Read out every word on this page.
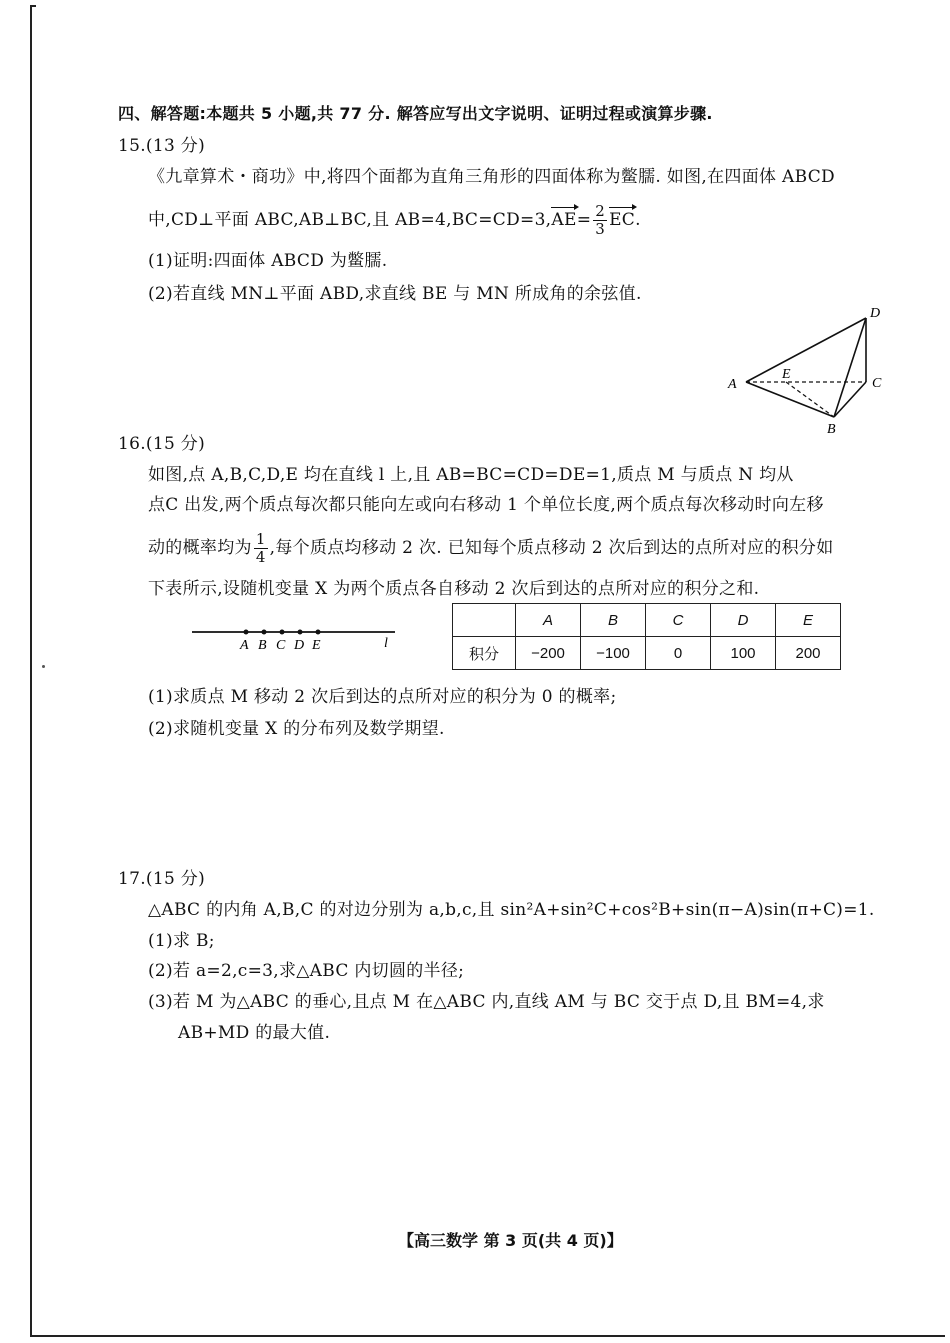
四、解答题:本题共 5 小题,共 77 分. 解答应写出文字说明、证明过程或演算步骤.
15.(13 分)
《九章算术・商功》中,将四个面都为直角三角形的四面体称为鳖臑. 如图,在四面体 ABCD
中,CD⊥平面 ABC,AB⊥BC,且 $AB=4,BC=CD=3,AE= \frac{2}{3}$ EC.
(1)证明:四面体 ABCD 为鳖臑.
(2)若直线 MN⊥平面 ABD,求直线 BE 与 MN 所成角的余弦值.
A
D
C
B
E
16.(15 分)
如图,点 A,B,C,D,E 均在直线 l 上,且 AB=BC=CD=DE=1,质点 M 与质点 N 均从
点C 出发,两个质点每次都只能向左或向右移动 1 个单位长度,两个质点每次移动时向左移
动的概率均为 $\frac{1}{4}$ ,每个质点均移动 2 次. 已知每个质点移动 2 次后到达的点所对应的积分如
下表所示,设随机变量 X 为两个质点各自移动 2 次后到达的点所对应的积分之和.
A B C D E	l
	A	B	C	D	E
积分	−200	−100	0	100	200
(1)求质点 M 移动 2 次后到达的点所对应的积分为 0 的概率;
(2)求随机变量 X 的分布列及数学期望.
17.(15 分)
△ABC 的内角 A,B,C 的对边分别为 a,b,c,且 sin²A+sin²C+cos²B+sin(π−A)sin(π+C)=1.
(1)求 B;
(2)若 a=2,c=3,求△ABC 内切圆的半径;
(3)若 M 为△ABC 的垂心,且点 M 在△ABC 内,直线 AM 与 BC 交于点 D,且 BM=4,求
AB+MD 的最大值.
【高三数学 第 3 页(共 4 页)】
